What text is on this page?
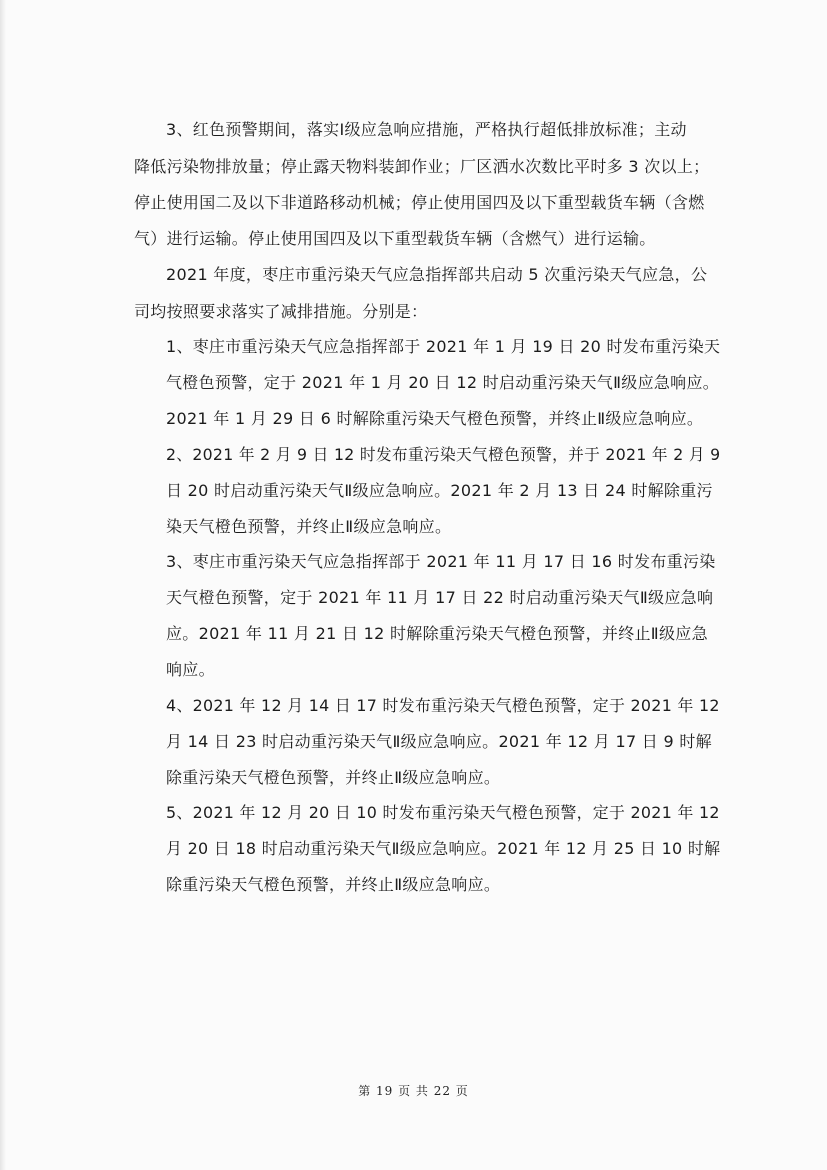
3、红色预警期间，落实Ⅰ级应急响应措施，严格执行超低排放标准；主动
降低污染物排放量；停止露天物料装卸作业；厂区洒水次数比平时多 3 次以上；
停止使用国二及以下非道路移动机械；停止使用国四及以下重型载货车辆（含燃
气）进行运输。停止使用国四及以下重型载货车辆（含燃气）进行运输。
2021 年度，枣庄市重污染天气应急指挥部共启动 5 次重污染天气应急，公
司均按照要求落实了减排措施。分别是：
1、枣庄市重污染天气应急指挥部于 2021 年 1 月 19 日 20 时发布重污染天
气橙色预警，定于 2021 年 1 月 20 日 12 时启动重污染天气Ⅱ级应急响应。
2021 年 1 月 29 日 6 时解除重污染天气橙色预警，并终止Ⅱ级应急响应。
2、2021 年 2 月 9 日 12 时发布重污染天气橙色预警，并于 2021 年 2 月 9
日 20 时启动重污染天气Ⅱ级应急响应。2021 年 2 月 13 日 24 时解除重污
染天气橙色预警，并终止Ⅱ级应急响应。
3、枣庄市重污染天气应急指挥部于 2021 年 11 月 17 日 16 时发布重污染
天气橙色预警，定于 2021 年 11 月 17 日 22 时启动重污染天气Ⅱ级应急响
应。2021 年 11 月 21 日 12 时解除重污染天气橙色预警，并终止Ⅱ级应急
响应。
4、2021 年 12 月 14 日 17 时发布重污染天气橙色预警，定于 2021 年 12
月 14 日 23 时启动重污染天气Ⅱ级应急响应。2021 年 12 月 17 日 9 时解
除重污染天气橙色预警，并终止Ⅱ级应急响应。
5、2021 年 12 月 20 日 10 时发布重污染天气橙色预警，定于 2021 年 12
月 20 日 18 时启动重污染天气Ⅱ级应急响应。2021 年 12 月 25 日 10 时解
除重污染天气橙色预警，并终止Ⅱ级应急响应。
第 19 页 共 22 页
